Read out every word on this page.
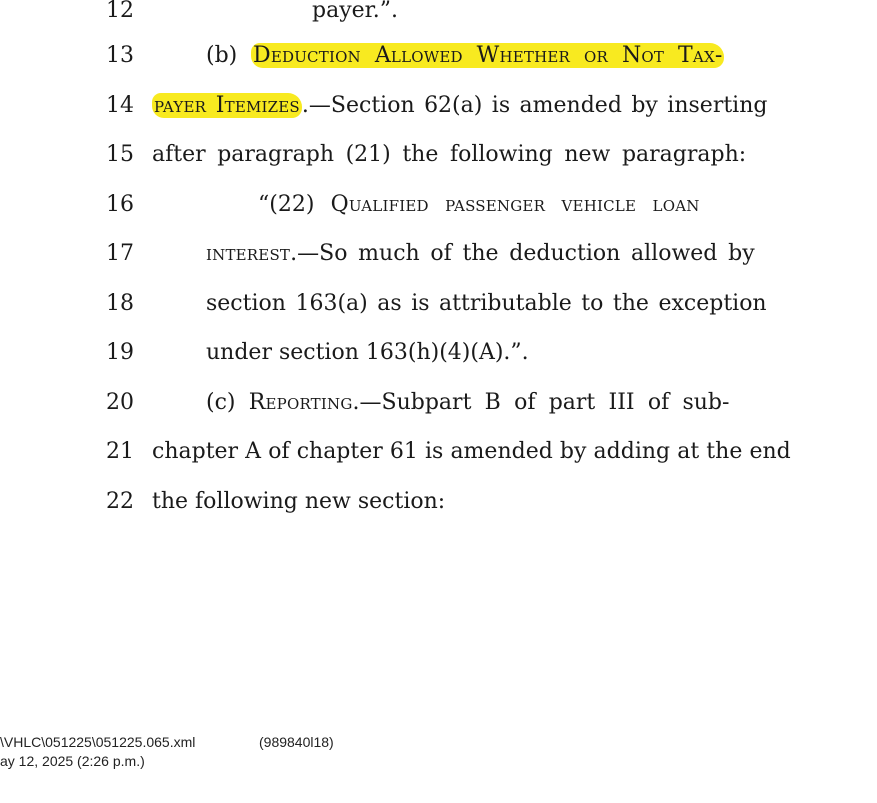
12	payer.”.
13	(b) Deduction Allowed Whether or Not Tax-
14 payer Itemizes.—Section 62(a) is amended by inserting
15 after paragraph (21) the following new paragraph:
16	“(22) Qualified passenger vehicle loan
17	interest.—So much of the deduction allowed by
18	section 163(a) as is attributable to the exception
19	under section 163(h)(4)(A).”.
20	(c) Reporting.—Subpart B of part III of sub-
21 chapter A of chapter 61 is amended by adding at the end
22 the following new section:
\VHLC\051225\051225.065.xml	(989840l18)
ay 12, 2025 (2:26 p.m.)
